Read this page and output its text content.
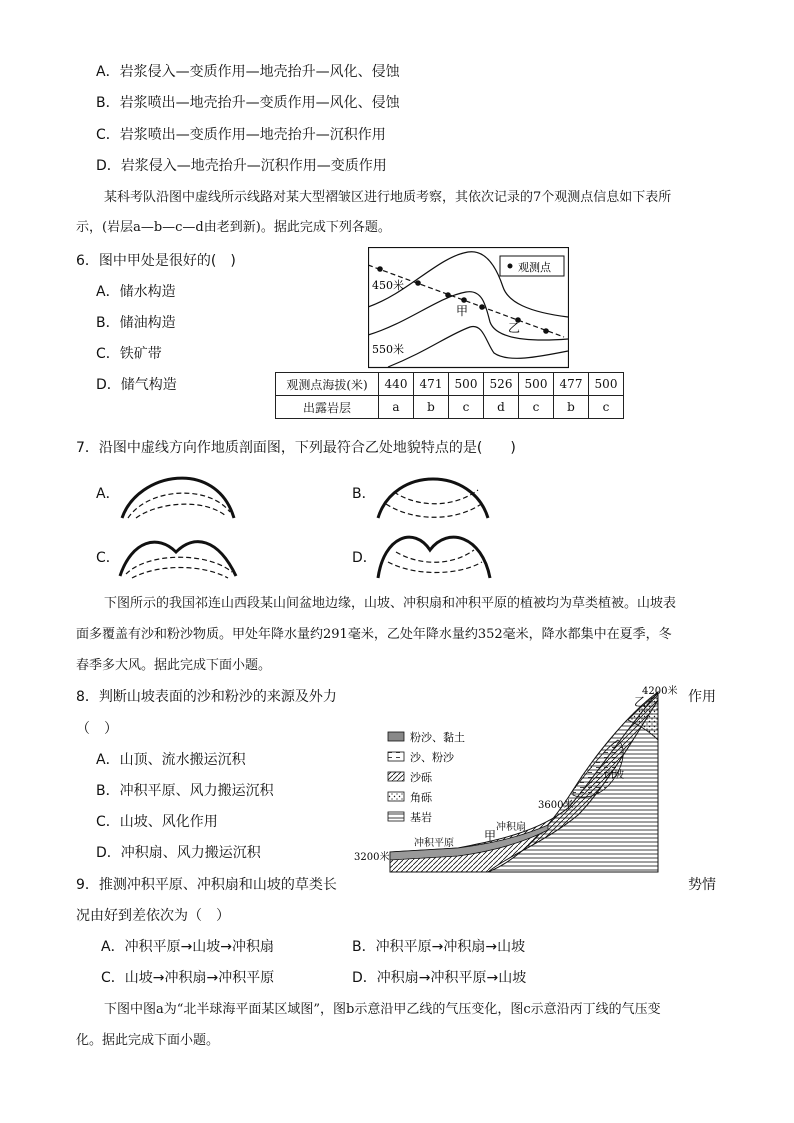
A．岩浆侵入—变质作用—地壳抬升—风化、侵蚀
B．岩浆喷出—地壳抬升—变质作用—风化、侵蚀
C．岩浆喷出—变质作用—地壳抬升—沉积作用
D．岩浆侵入—地壳抬升—沉积作用—变质作用
某科考队沿图中虚线所示线路对某大型褶皱区进行地质考察，其依次记录的7个观测点信息如下表所
示，(岩层a—b—c—d由老到新)。据此完成下列各题。
6．图中甲处是很好的(　)
A．储水构造
B．储油构造
C．铁矿带
D．储气构造
观测点
450米
550米
甲
乙
观测点海拔(米)	440	471	500	526	500	477	500
出露岩层	a	b	c	d	c	b	c
7．沿图中虚线方向作地质剖面图，下列最符合乙处地貌特点的是(　　)
A．	B．
C．	D．
下图所示的我国祁连山西段某山间盆地边缘，山坡、冲积扇和冲积平原的植被均为草类植被。山坡表
面多覆盖有沙和粉沙物质。甲处年降水量约291毫米，乙处年降水量约352毫米，降水都集中在夏季，冬
春季多大风。据此完成下面小题。
8．判断山坡表面的沙和粉沙的来源及外力	作用
（　）
A．山顶、流水搬运沉积
B．冲积平原、风力搬运沉积
C．山坡、风化作用
D．冲积扇、风力搬运沉积
粉沙、黏土
沙、粉沙
沙砾
角砾
基岩
4200米
乙
山坡
3600米
冲积扇
甲
冲积平原
3200米
9．推测冲积平原、冲积扇和山坡的草类长	势情
况由好到差依次为（　）
A．冲积平原→山坡→冲积扇	B．冲积平原→冲积扇→山坡
C．山坡→冲积扇→冲积平原	D．冲积扇→冲积平原→山坡
下图中图a为“北半球海平面某区域图”，图b示意沿甲乙线的气压变化，图c示意沿丙丁线的气压变
化。据此完成下面小题。
